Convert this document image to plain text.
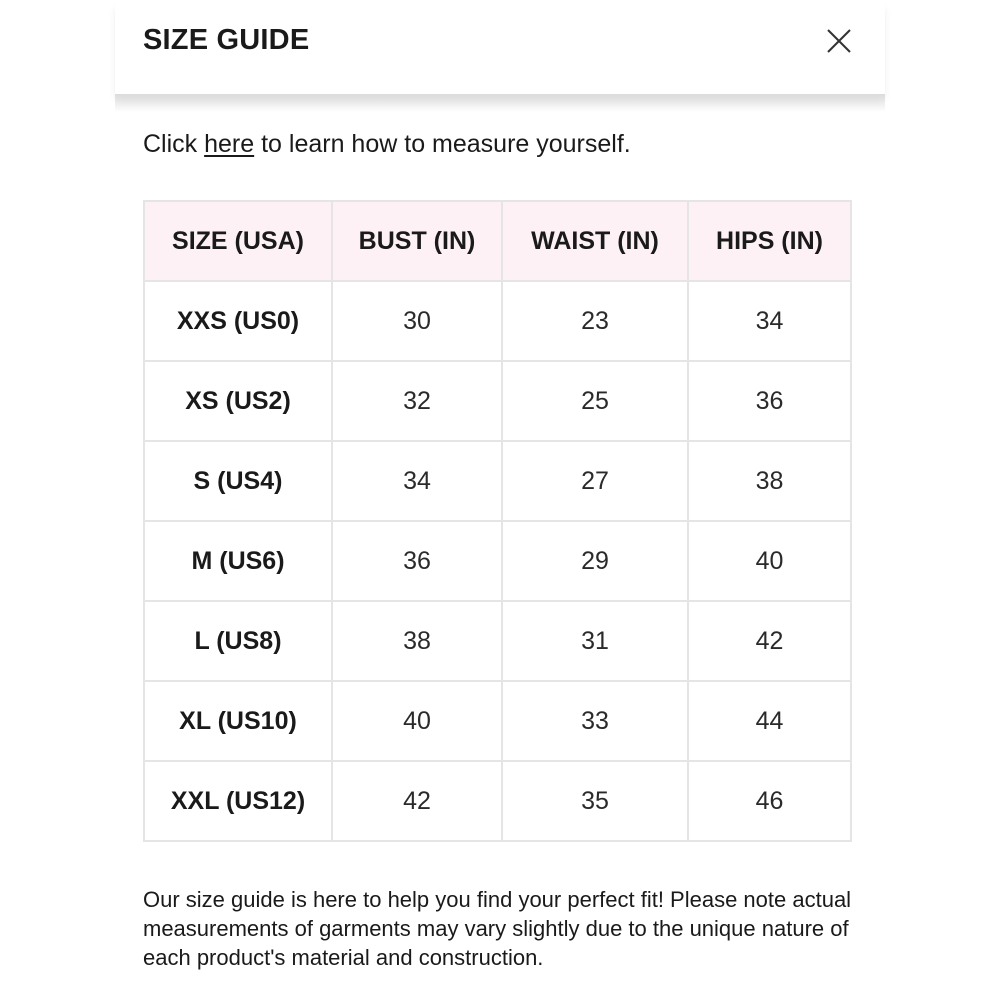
SIZE GUIDE

Click here to learn how to measure yourself.

SIZE (USA)	BUST (IN)	WAIST (IN)	HIPS (IN)
XXS (US0)	30	23	34
XS (US2)	32	25	36
S (US4)	34	27	38
M (US6)	36	29	40
L (US8)	38	31	42
XL (US10)	40	33	44
XXL (US12)	42	35	46

Our size guide is here to help you find your perfect fit! Please note actual measurements of garments may vary slightly due to the unique nature of each product's material and construction.
